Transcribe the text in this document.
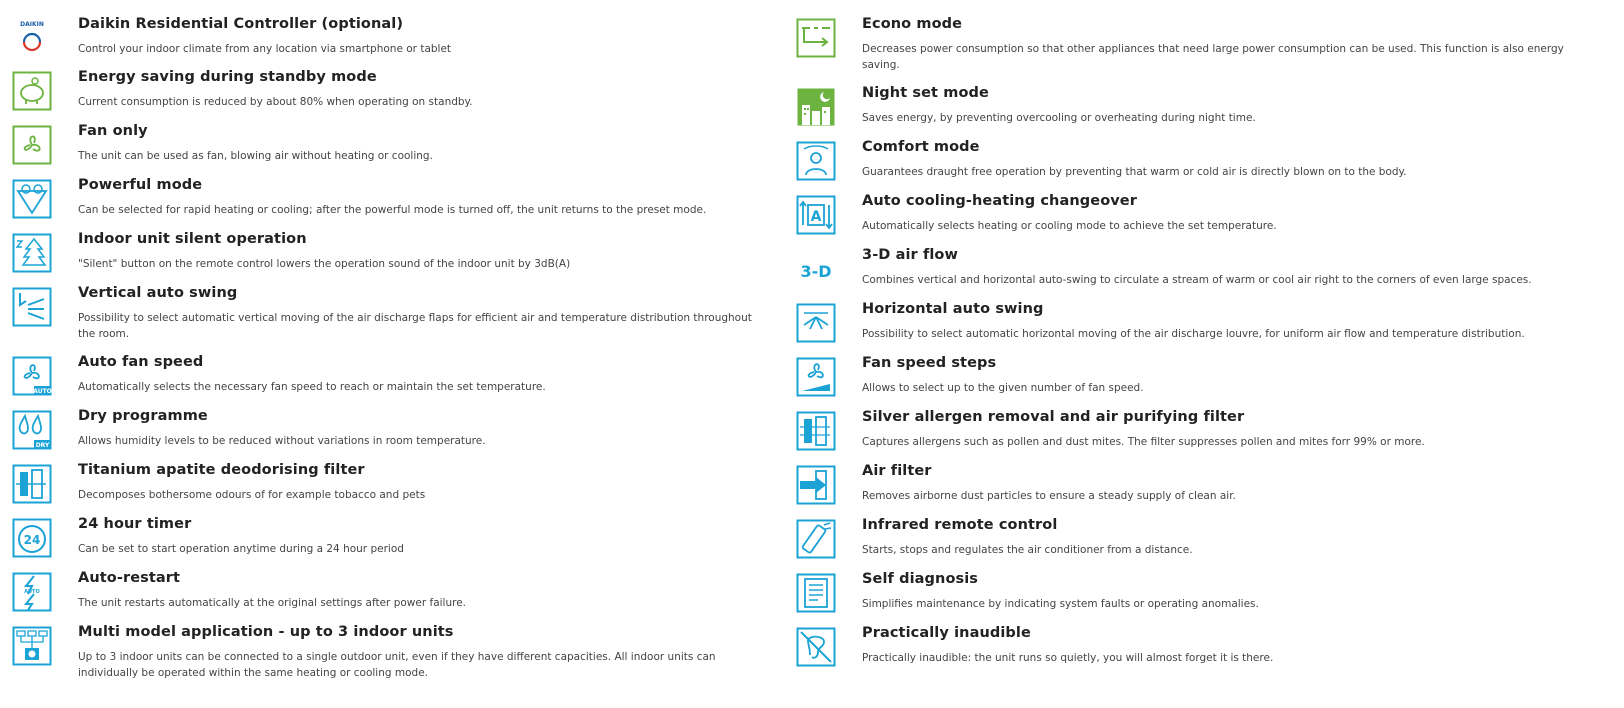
DAIKIN Daikin Residential Controller (optional)
Control your indoor climate from any location via smartphone or tablet
Energy saving during standby mode
Current consumption is reduced by about 80% when operating on standby.
Fan only
The unit can be used as fan, blowing air without heating or cooling.
Powerful mode
Can be selected for rapid heating or cooling; after the powerful mode is turned off, the unit returns to the preset mode.
Indoor unit silent operation
"Silent" button on the remote control lowers the operation sound of the indoor unit by 3dB(A)
Vertical auto swing
Possibility to select automatic vertical moving of the air discharge flaps for efficient air and temperature distribution throughout the room.
AUTO
Auto fan speed
Automatically selects the necessary fan speed to reach or maintain the set temperature.
DRY
Dry programme
Allows humidity levels to be reduced without variations in room temperature.
Titanium apatite deodorising filter
Decomposes bothersome odours of for example tobacco and pets
24
24 hour timer
Can be set to start operation anytime during a 24 hour period
AUTO
Auto-restart
The unit restarts automatically at the original settings after power failure.
Multi model application - up to 3 indoor units
Up to 3 indoor units can be connected to a single outdoor unit, even if they have different capacities. All indoor units can individually be operated within the same heating or cooling mode.
Econo mode
Decreases power consumption so that other appliances that need large power consumption can be used. This function is also energy saving.
Night set mode
Saves energy, by preventing overcooling or overheating during night time.
Comfort mode
Guarantees draught free operation by preventing that warm or cold air is directly blown on to the body.
A
Auto cooling-heating changeover
Automatically selects heating or cooling mode to achieve the set temperature.
3-D
3-D air flow
Combines vertical and horizontal auto-swing to circulate a stream of warm or cool air right to the corners of even large spaces.
Horizontal auto swing
Possibility to select automatic horizontal moving of the air discharge louvre, for uniform air flow and temperature distribution.
Fan speed steps
Allows to select up to the given number of fan speed.
Silver allergen removal and air purifying filter
Captures allergens such as pollen and dust mites. The filter suppresses pollen and mites forr 99% or more.
Air filter
Removes airborne dust particles to ensure a steady supply of clean air.
Infrared remote control
Starts, stops and regulates the air conditioner from a distance.
Self diagnosis
Simplifies maintenance by indicating system faults or operating anomalies.
Practically inaudible
Practically inaudible: the unit runs so quietly, you will almost forget it is there.
